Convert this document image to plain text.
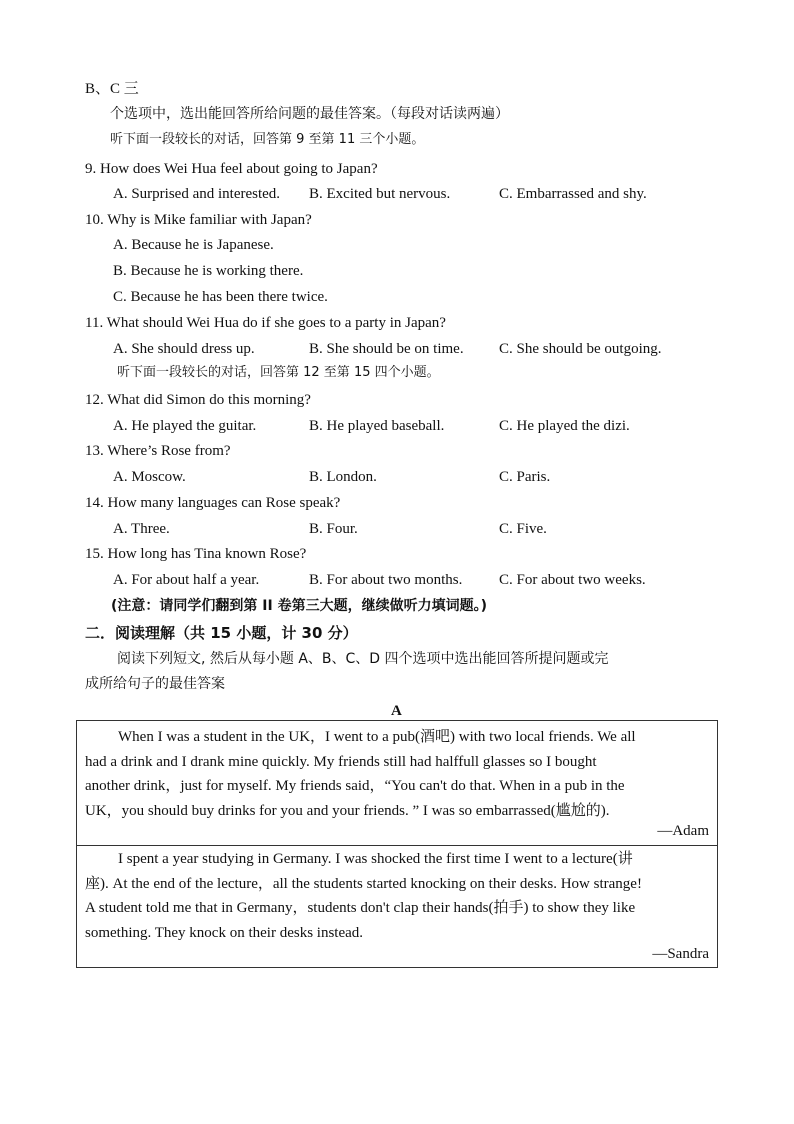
B、C 三
个选项中，选出能回答所给问题的最佳答案。（每段对话读两遍）
听下面一段较长的对话，回答第 9 至第 11 三个小题。
9. How does Wei Hua feel about going to Japan?
A. Surprised and interested. B. Excited but nervous.	C. Embarrassed and shy.
10. Why is Mike familiar with Japan?
A. Because he is Japanese.
B. Because he is working there.
C. Because he has been there twice.
11. What should Wei Hua do if she goes to a party in Japan?
A. She should dress up.	B. She should be on time. C. She should be outgoing.
听下面一段较长的对话，回答第 12 至第 15 四个小题。
12. What did Simon do this morning?
A. He played the guitar.	B. He played baseball.	C. He played the dizi.
13. Where’s Rose from?
A. Moscow.	B. London.	C. Paris.
14. How many languages can Rose speak?
A. Three.	B. Four.	C. Five.
15. How long has Tina known Rose?
A. For about half a year.	B. For about two months. C. For about two weeks.
(注意：请同学们翻到第 II 卷第三大题，继续做听力填词题。)
二．阅读理解（共 15 小题，计 30 分）
阅读下列短文, 然后从每小题 A、B、C、D 四个选项中选出能回答所提问题或完
成所给句子的最佳答案
A
When I was a student in the UK，I went to a pub(酒吧) with two local friends. We all
had a drink and I drank mine quickly. My friends still had halffull glasses so I bought
another drink，just for myself. My friends said，“You can't do that. When in a pub in the
UK，you should buy drinks for you and your friends. ” I was so embarrassed(尴尬的).
—Adam
I spent a year studying in Germany. I was shocked the first time I went to a lecture(讲
座). At the end of the lecture，all the students started knocking on their desks. How strange!
A student told me that in Germany，students don't clap their hands(拍手) to show they like
something. They knock on their desks instead.
—Sandra
